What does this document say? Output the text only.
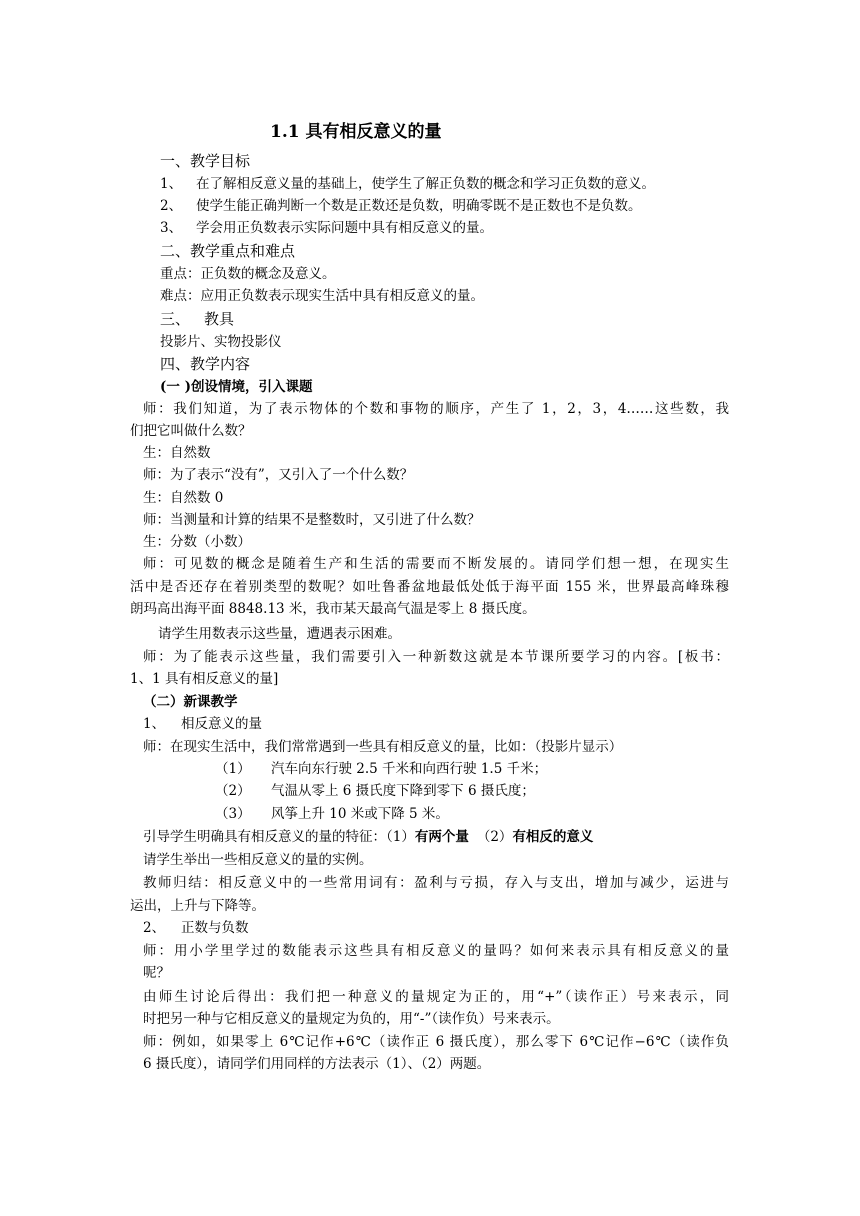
1.1 具有相反意义的量
一、教学目标
1、 在了解相反意义量的基础上，使学生了解正负数的概念和学习正负数的意义。
2、 使学生能正确判断一个数是正数还是负数，明确零既不是正数也不是负数。
3、 学会用正负数表示实际问题中具有相反意义的量。
二、教学重点和难点
重点：正负数的概念及意义。
难点：应用正负数表示现实生活中具有相反意义的量。
三、 教具
投影片、实物投影仪
四、教学内容
(一 )创设情境，引入课题
师：我们知道，为了表示物体的个数和事物的顺序，产生了 1，2，3，4……这些数，我
们把它叫做什么数？
生：自然数
师：为了表示“没有”，又引入了一个什么数？
生：自然数 0
师：当测量和计算的结果不是整数时，又引进了什么数？
生：分数（小数）
师：可见数的概念是随着生产和生活的需要而不断发展的。请同学们想一想，在现实生
活中是否还存在着别类型的数呢？如吐鲁番盆地最低处低于海平面 155 米，世界最高峰珠穆
朗玛高出海平面 8848.13 米，我市某天最高气温是零上 8 摄氏度。
请学生用数表示这些量，遭遇表示困难。
师：为了能表示这些量，我们需要引入一种新数这就是本节课所要学习的内容。[板书：
1、1 具有相反意义的量]
（二）新课教学
1、 相反意义的量
师：在现实生活中，我们常常遇到一些具有相反意义的量，比如：（投影片显示）
（1） 汽车向东行驶 2.5 千米和向西行驶 1.5 千米；
（2） 气温从零上 6 摄氏度下降到零下 6 摄氏度；
（3） 风筝上升 10 米或下降 5 米。
引导学生明确具有相反意义的量的特征：（1）有两个量 （2）有相反的意义
请学生举出一些相反意义的量的实例。
教师归结：相反意义中的一些常用词有：盈利与亏损，存入与支出，增加与减少，运进与
运出，上升与下降等。
2、 正数与负数
师：用小学里学过的数能表示这些具有相反意义的量吗？如何来表示具有相反意义的量
呢？
由师生讨论后得出：我们把一种意义的量规定为正的，用“+”（读作正）号来表示，同
时把另一种与它相反意义的量规定为负的，用“-”（读作负）号来表示。
师：例如，如果零上 6℃记作+6℃（读作正 6 摄氏度），那么零下 6℃记作−6℃（读作负
6 摄氏度），请同学们用同样的方法表示（1）、（2）两题。
